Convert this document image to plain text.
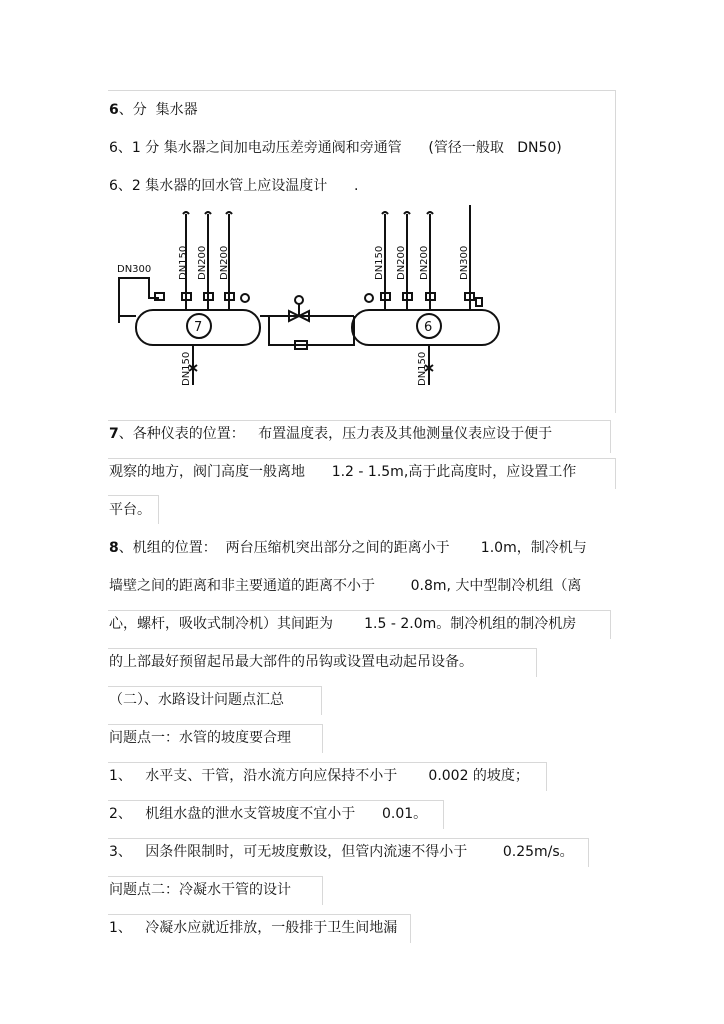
6、分  集水器
6、1 分 集水器之间加电动压差旁通阀和旁通管      (管径一般取   DN50)
6、2 集水器的回水管上应设温度计      .
7	6
DN300	DN150 DN200 DN200
DN150
DN150 DN200 DN200	DN300
DN150
7、各种仪表的位置：   布置温度表，压力表及其他测量仪表应设于便于
观察的地方，阀门高度一般离地      1.2 - 1.5m,高于此高度时，应设置工作
平台。
8、机组的位置：  两台压缩机突出部分之间的距离小于       1.0m，制冷机与
墙壁之间的距离和非主要通道的距离不小于        0.8m, 大中型制冷机组（离
心，螺杆，吸收式制冷机）其间距为       1.5 - 2.0m。制冷机组的制冷机房
的上部最好预留起吊最大部件的吊钩或设置电动起吊设备。
（二）、水路设计问题点汇总
问题点一：水管的坡度要合理
1、   水平支、干管，沿水流方向应保持不小于       0.002 的坡度；
2、   机组水盘的泄水支管坡度不宜小于      0.01。
3、   因条件限制时，可无坡度敷设，但管内流速不得小于        0.25m/s。
问题点二：冷凝水干管的设计
1、   冷凝水应就近排放，一般排于卫生间地漏
